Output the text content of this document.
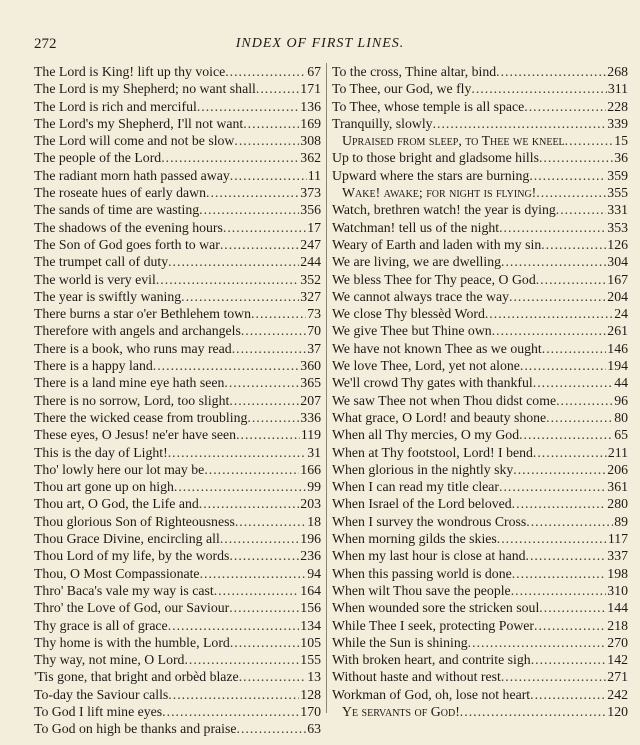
272	INDEX OF FIRST LINES.
The Lord is King! lift up thy voice .....	67
The Lord is my Shepherd; no want shall .....	171
The Lord is rich and merciful .....	136
The Lord's my Shepherd, I'll not want .....	169
The Lord will come and not be slow .....	308
The people of the Lord .....	362
The radiant morn hath passed away .....	11
The roseate hues of early dawn .....	373
The sands of time are wasting .....	356
The shadows of the evening hours .....	17
The Son of God goes forth to war .....	247
The trumpet call of duty .....	244
The world is very evil .....	352
The year is swiftly waning .....	327
There burns a star o'er Bethlehem town .....	73
Therefore with angels and archangels .....	70
There is a book, who runs may read .....	37
There is a happy land .....	360
There is a land mine eye hath seen .....	365
There is no sorrow, Lord, too slight .....	207
There the wicked cease from troubling .....	336
These eyes, O Jesus! ne'er have seen .....	119
This is the day of Light! .....	31
Tho' lowly here our lot may be .....	166
Thou art gone up on high .....	99
Thou art, O God, the Life and .....	203
Thou glorious Son of Righteousness .....	18
Thou Grace Divine, encircling all .....	196
Thou Lord of my life, by the words .....	236
Thou, O Most Compassionate .....	94
Thro' Baca's vale my way is cast .....	164
Thro' the Love of God, our Saviour .....	156
Thy grace is all of grace .....	134
Thy home is with the humble, Lord .....	105
Thy way, not mine, O Lord .....	155
'Tis gone, that bright and orbèd blaze .....	13
To-day the Saviour calls .....	128
To God I lift mine eyes .....	170
To God on high be thanks and praise .....	63
To the cross, Thine altar, bind .....	268
To Thee, our God, we fly .....	311
To Thee, whose temple is all space .....	228
Tranquilly, slowly .....	339
Upraised from sleep, to Thee we kneel .....	15
Up to those bright and gladsome hills .....	36
Upward where the stars are burning .....	359
Wake! awake; for night is flying! .....	355
Watch, brethren watch! the year is dying .....	331
Watchman! tell us of the night .....	353
Weary of Earth and laden with my sin .....	126
We are living, we are dwelling .....	304
We bless Thee for Thy peace, O God .....	167
We cannot always trace the way .....	204
We close Thy blessèd Word .....	24
We give Thee but Thine own .....	261
We have not known Thee as we ought .....	146
We love Thee, Lord, yet not alone .....	194
We'll crowd Thy gates with thankful .....	44
We saw Thee not when Thou didst come .....	96
What grace, O Lord! and beauty shone .....	80
When all Thy mercies, O my God .....	65
When at Thy footstool, Lord! I bend .....	211
When glorious in the nightly sky .....	206
When I can read my title clear .....	361
When Israel of the Lord beloved .....	280
When I survey the wondrous Cross .....	89
When morning gilds the skies .....	117
When my last hour is close at hand .....	337
When this passing world is done .....	198
When wilt Thou save the people .....	310
When wounded sore the stricken soul .....	144
While Thee I seek, protecting Power .....	218
While the Sun is shining .....	270
With broken heart, and contrite sigh .....	142
Without haste and without rest .....	271
Workman of God, oh, lose not heart .....	242
Ye servants of God! .....	120
